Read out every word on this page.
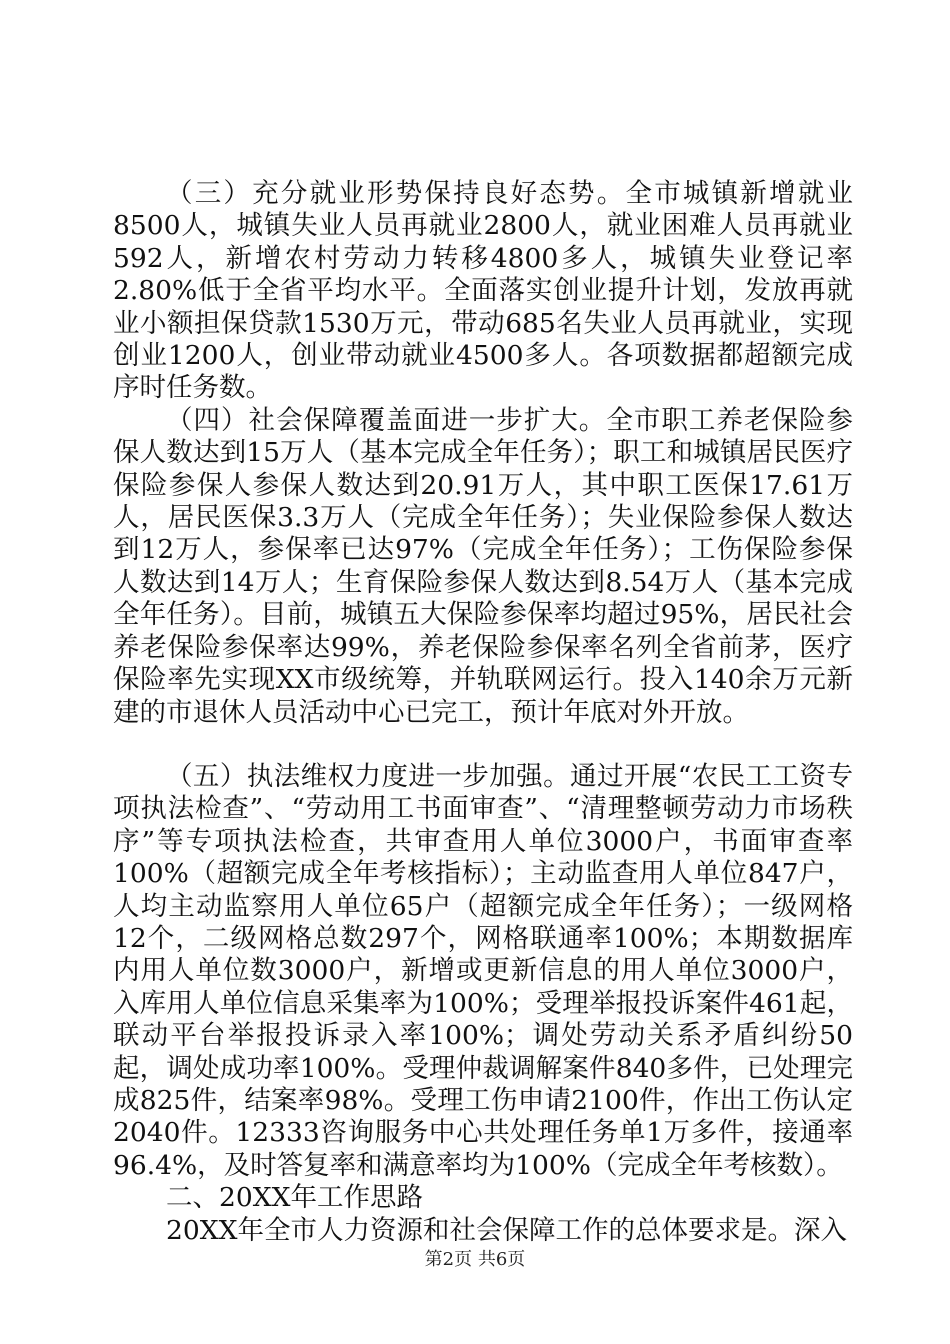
（三）充分就业形势保持良好态势。全市城镇新增就业8500人，城镇失业人员再就业2800人，就业困难人员再就业592人，新增农村劳动力转移4800多人，城镇失业登记率2.80%低于全省平均水平。全面落实创业提升计划，发放再就业小额担保贷款1530万元，带动685名失业人员再就业，实现创业1200人，创业带动就业4500多人。各项数据都超额完成序时任务数。

（四）社会保障覆盖面进一步扩大。全市职工养老保险参保人数达到15万人（基本完成全年任务）；职工和城镇居民医疗保险参保人参保人数达到20.91万人，其中职工医保17.61万人，居民医保3.3万人（完成全年任务）；失业保险参保人数达到12万人，参保率已达97%（完成全年任务）；工伤保险参保人数达到14万人；生育保险参保人数达到8.54万人（基本完成全年任务）。目前，城镇五大保险参保率均超过95%，居民社会养老保险参保率达99%，养老保险参保率名列全省前茅，医疗保险率先实现XX市级统筹，并轨联网运行。投入140余万元新建的市退休人员活动中心已完工，预计年底对外开放。

（五）执法维权力度进一步加强。通过开展“农民工工资专项执法检查”、“劳动用工书面审查”、“清理整顿劳动力市场秩序”等专项执法检查，共审查用人单位3000户，书面审查率100%（超额完成全年考核指标）；主动监查用人单位847户，人均主动监察用人单位65户（超额完成全年任务）；一级网格12个，二级网格总数297个，网格联通率100%；本期数据库内用人单位数3000户，新增或更新信息的用人单位3000户，入库用人单位信息采集率为100%；受理举报投诉案件461起，联动平台举报投诉录入率100%；调处劳动关系矛盾纠纷50起，调处成功率100%。受理仲裁调解案件840多件，已处理完成825件，结案率98%。受理工伤申请2100件，作出工伤认定2040件。12333咨询服务中心共处理任务单1万多件，接通率96.4%，及时答复率和满意率均为100%（完成全年考核数）。

二、20XX年工作思路

20XX年全市人力资源和社会保障工作的总体要求是。深入

第2页 共6页
